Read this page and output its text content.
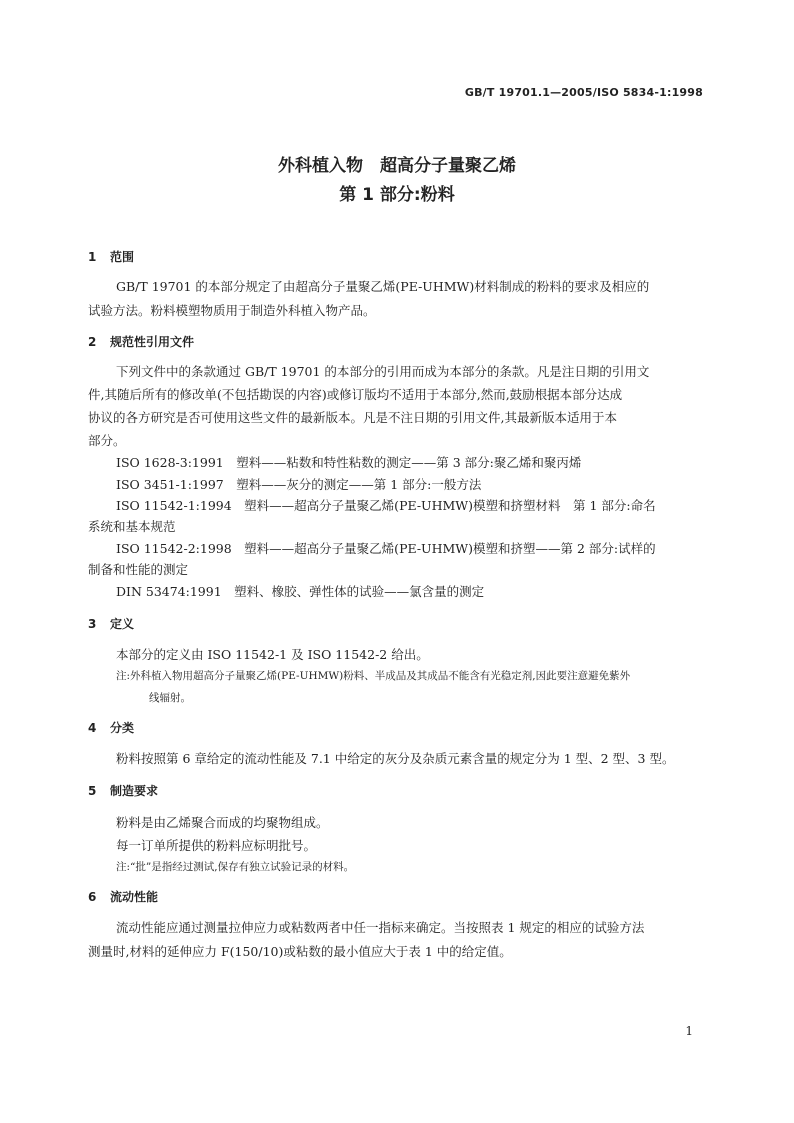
GB/T 19701.1—2005/ISO 5834-1:1998
外科植入物　超高分子量聚乙烯
第 1 部分:粉料
1 范围
GB/T 19701 的本部分规定了由超高分子量聚乙烯(PE-UHMW)材料制成的粉料的要求及相应的
试验方法。粉料模塑物质用于制造外科植入物产品。
2 规范性引用文件
下列文件中的条款通过 GB/T 19701 的本部分的引用而成为本部分的条款。凡是注日期的引用文
件,其随后所有的修改单(不包括勘误的内容)或修订版均不适用于本部分,然而,鼓励根据本部分达成
协议的各方研究是否可使用这些文件的最新版本。凡是不注日期的引用文件,其最新版本适用于本
部分。
ISO 1628-3:1991　塑料——粘数和特性粘数的测定——第 3 部分:聚乙烯和聚丙烯
ISO 3451-1:1997　塑料——灰分的测定——第 1 部分:一般方法
ISO 11542-1:1994　塑料——超高分子量聚乙烯(PE-UHMW)模塑和挤塑材料　第 1 部分:命名
系统和基本规范
ISO 11542-2:1998　塑料——超高分子量聚乙烯(PE-UHMW)模塑和挤塑——第 2 部分:试样的
制备和性能的测定
DIN 53474:1991　塑料、橡胶、弹性体的试验——氯含量的测定
3 定义
本部分的定义由 ISO 11542-1 及 ISO 11542-2 给出。
注:外科植入物用超高分子量聚乙烯(PE-UHMW)粉料、半成品及其成品不能含有光稳定剂,因此要注意避免紫外
线辐射。
4 分类
粉料按照第 6 章给定的流动性能及 7.1 中给定的灰分及杂质元素含量的规定分为 1 型、2 型、3 型。
5 制造要求
粉料是由乙烯聚合而成的均聚物组成。
每一订单所提供的粉料应标明批号。
注:“批”是指经过测试,保存有独立试验记录的材料。
6 流动性能
流动性能应通过测量拉伸应力或粘数两者中任一指标来确定。当按照表 1 规定的相应的试验方法
测量时,材料的延伸应力 F(150/10)或粘数的最小值应大于表 1 中的给定值。
1
